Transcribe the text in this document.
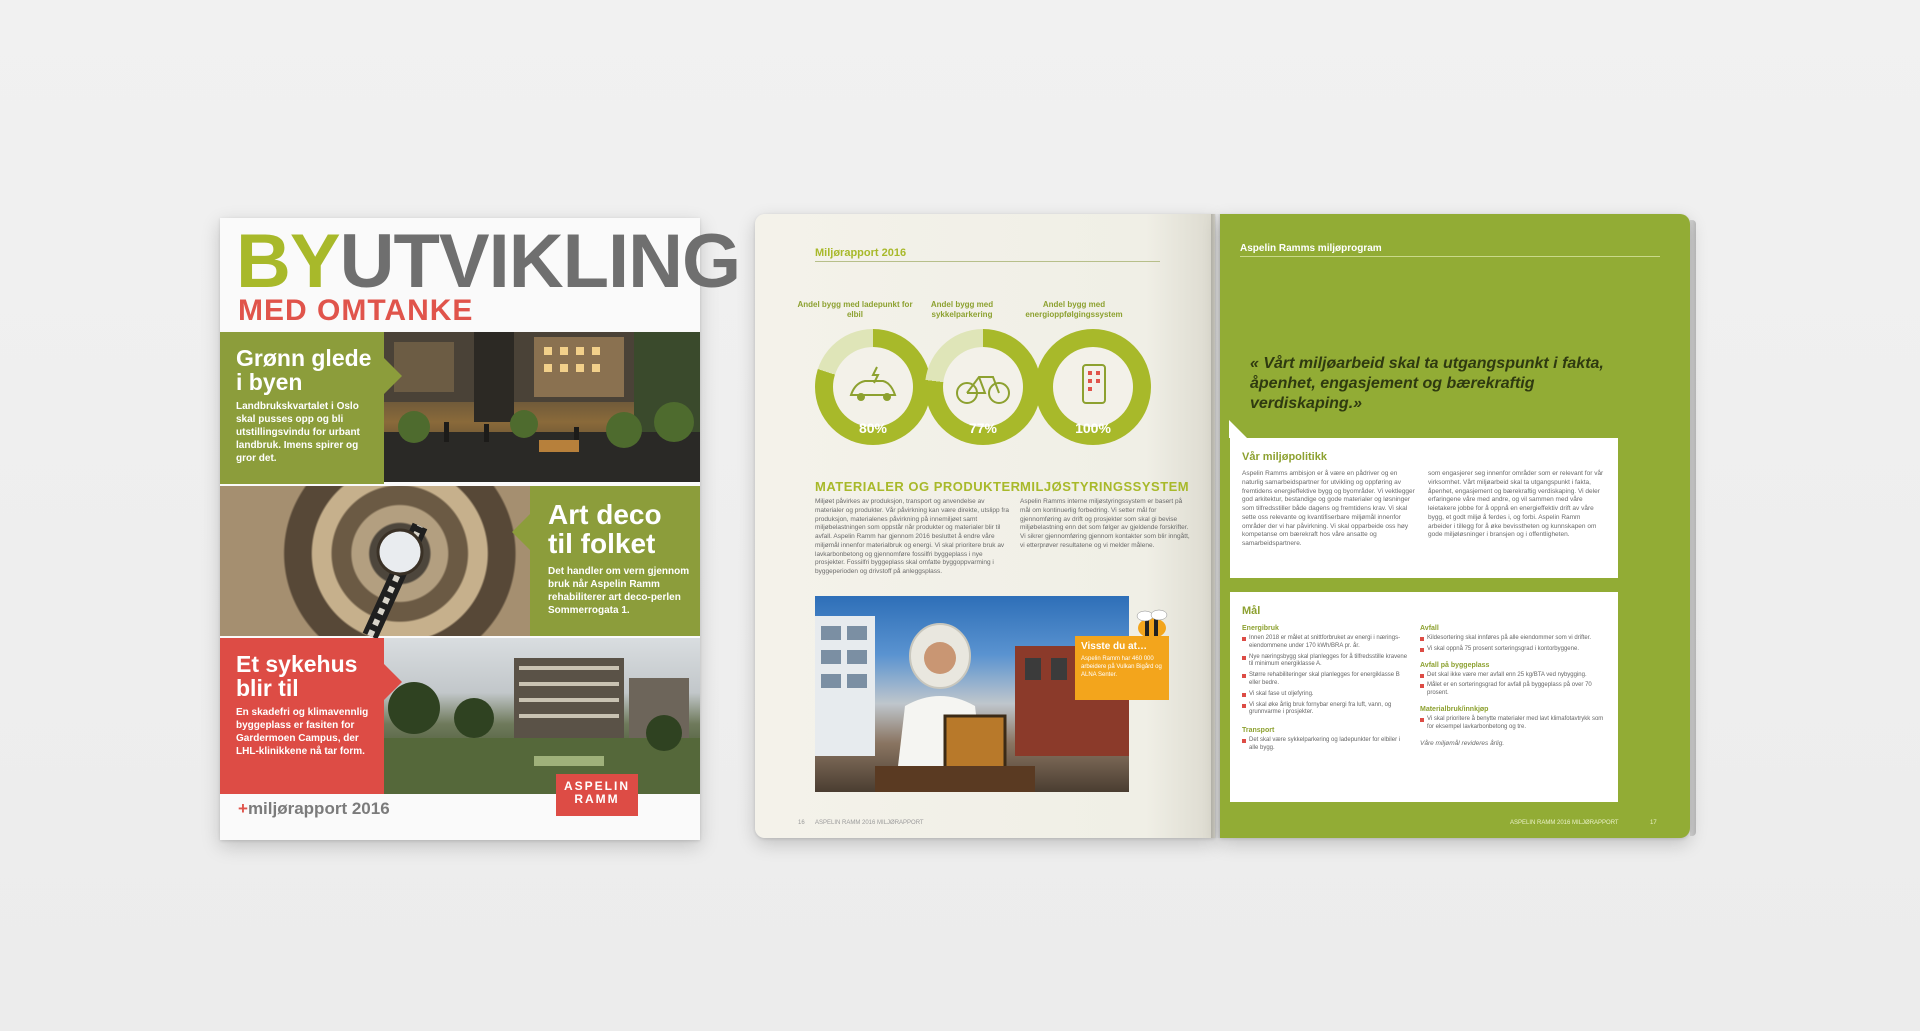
BYUTVIKLING
MED OMTANKE
Grønn glede i byen

Landbrukskvartalet i Oslo skal pusses opp og bli utstillingsvindu for urbant landbruk. Imens spirer og gror det.

Art deco til folket

Det handler om vern gjennom bruk når Aspelin Ramm rehabiliterer art deco-perlen Sommerrogata 1.

Et sykehus blir til

En skadefri og klimavennlig byggeplass er fasiten for Gardermoen Campus, der LHL-klinikkene nå tar form.

+miljørapport 2016
ASPELIN
RAMM
Miljørapport 2016
Andel bygg med ladepunkt for elbil
Andel bygg med sykkelparkering
Andel bygg med energioppfølgingssystem
80%	77%	100%
MATERIALER OG PRODUKTER
Miljøet påvirkes av produksjon, transport og anvendelse av materialer og produkter. Vår påvirkning kan være direkte, utslipp fra produksjon, materialenes påvirkning på innemiljøet samt miljøbelastningen som oppstår når produkter og materialer blir til avfall. Aspelin Ramm har gjennom 2016 besluttet å endre våre miljømål innenfor materialbruk og energi. Vi skal prioritere bruk av lavkarbonbetong og gjennomføre fossilfri byggeplass i nye prosjekter. Fossilfri byggeplass skal omfatte byggoppvarming i byggeperioden og drivstoff på anleggsplass.
MILJØSTYRINGSSYSTEM
Aspelin Ramms interne miljøstyringssystem er basert på mål om kontinuerlig forbedring. Vi setter mål for gjennomføring av drift og prosjekter som skal gi bevise miljøbelastning enn det som følger av gjeldende forskrifter. Vi sikrer gjennomføring gjennom kontakter som blir inngått, vi etterprøver resultatene og vi melder målene.
Visste du at…

Aspelin Ramm har 460 000 arbeidere på Vulkan Bigård og ALNA Senter.

16 ASPELIN RAMM 2016 MILJØRAPPORT
Aspelin Ramms miljøprogram
« Vårt miljøarbeid skal ta utgangspunkt i fakta, åpenhet, engasjement og bærekraftig verdiskaping.»
Vår miljøpolitikk
Aspelin Ramms ambisjon er å være en pådriver og en naturlig samarbeidspartner for utvikling og oppføring av fremtidens energieffektive bygg og byområder. Vi vektlegger god arkitektur, bestandige og gode materialer og løsninger som tilfredsstiller både dagens og fremtidens krav. Vi skal sette oss relevante og kvantifiserbare miljømål innenfor områder der vi har påvirkning. Vi skal opparbeide oss høy kompetanse om bærekraft hos våre ansatte og samarbeidspartnere.
som engasjerer seg innenfor områder som er relevant for vår virksomhet. Vårt miljøarbeid skal ta utgangspunkt i fakta, åpenhet, engasjement og bærekraftig verdiskaping. Vi deler erfaringene våre med andre, og vil sammen med våre leietakere jobbe for å oppnå en energieffektiv drift av våre bygg, et godt miljø å ferdes i, og forbi. Aspelin Ramm arbeider i tillegg for å øke bevisstheten og kunnskapen om gode miljøløsninger i bransjen og i offentligheten.
Mål
Energibruk
Innen 2018 er målet at snittforbruket av energi i nærings-eiendommene under 170 kWh/BRA pr. år.
Nye næringsbygg skal planlegges for å tilfredsstille kravene til minimum energiklasse A.
Større rehabiliteringer skal planlegges for energiklasse B eller bedre.
Vi skal fase ut oljefyring.
Vi skal øke årlig bruk fornybar energi fra luft, vann, og grunnvarme i prosjekter.
Transport
Det skal være sykkelparkering og ladepunkter for elbiler i alle bygg.
Avfall
Kildesortering skal innføres på alle eiendommer som vi drifter.
Vi skal oppnå 75 prosent sorteringsgrad i kontorbyggene.
Avfall på byggeplass
Det skal ikke være mer avfall enn 25 kg/BTA ved nybygging.
Målet er en sorteringsgrad for avfall på byggeplass på over 70 prosent.
Materialbruk/innkjøp
Vi skal prioritere å benytte materialer med lavt klimafotavtrykk som for eksempel lavkarbonbetong og tre.
Våre miljømål revideres årlig.
ASPELIN RAMM 2016 MILJØRAPPORT	17
